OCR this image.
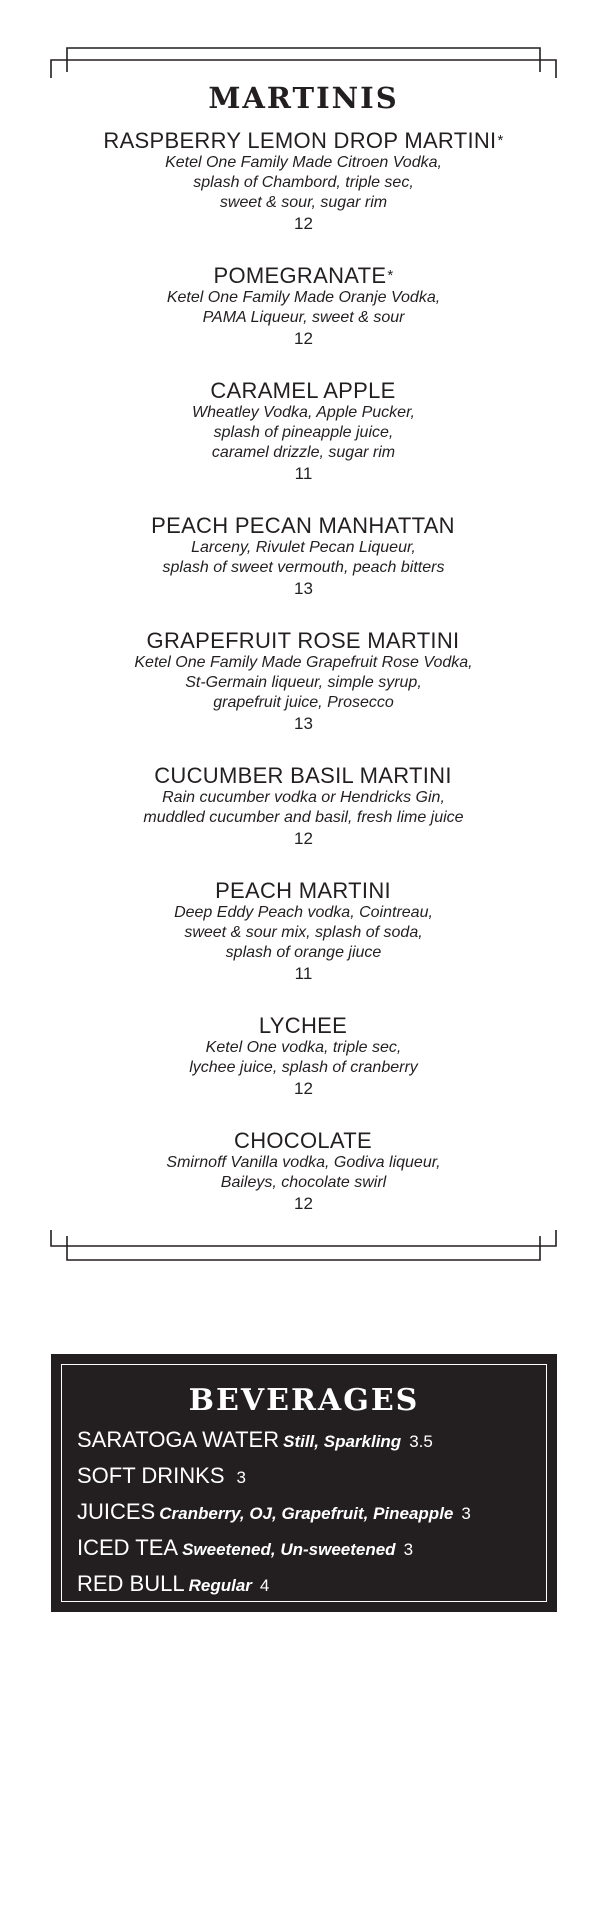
MARTINIS
RASPBERRY LEMON DROP MARTINI*
Ketel One Family Made Citroen Vodka,
splash of Chambord, triple sec,
sweet & sour, sugar rim
12
POMEGRANATE*
Ketel One Family Made Oranje Vodka,
PAMA Liqueur, sweet & sour
12
CARAMEL APPLE
Wheatley Vodka, Apple Pucker,
splash of pineapple juice,
caramel drizzle, sugar rim
11
PEACH PECAN MANHATTAN
Larceny, Rivulet Pecan Liqueur,
splash of sweet vermouth, peach bitters
13
GRAPEFRUIT ROSE MARTINI
Ketel One Family Made Grapefruit Rose Vodka,
St-Germain liqueur, simple syrup,
grapefruit juice, Prosecco
13
CUCUMBER BASIL MARTINI
Rain cucumber vodka or Hendricks Gin,
muddled cucumber and basil, fresh lime juice
12
PEACH MARTINI
Deep Eddy Peach vodka, Cointreau,
sweet & sour mix, splash of soda,
splash of orange jiuce
11
LYCHEE
Ketel One vodka, triple sec,
lychee juice, splash of cranberry
12
CHOCOLATE
Smirnoff Vanilla vodka, Godiva liqueur,
Baileys, chocolate swirl
12
BEVERAGES
SARATOGA WATER Still, Sparkling 3.5
SOFT DRINKS 3
JUICES Cranberry, OJ, Grapefruit, Pineapple 3
ICED TEA Sweetened, Un-sweetened 3
RED BULL Regular 4
